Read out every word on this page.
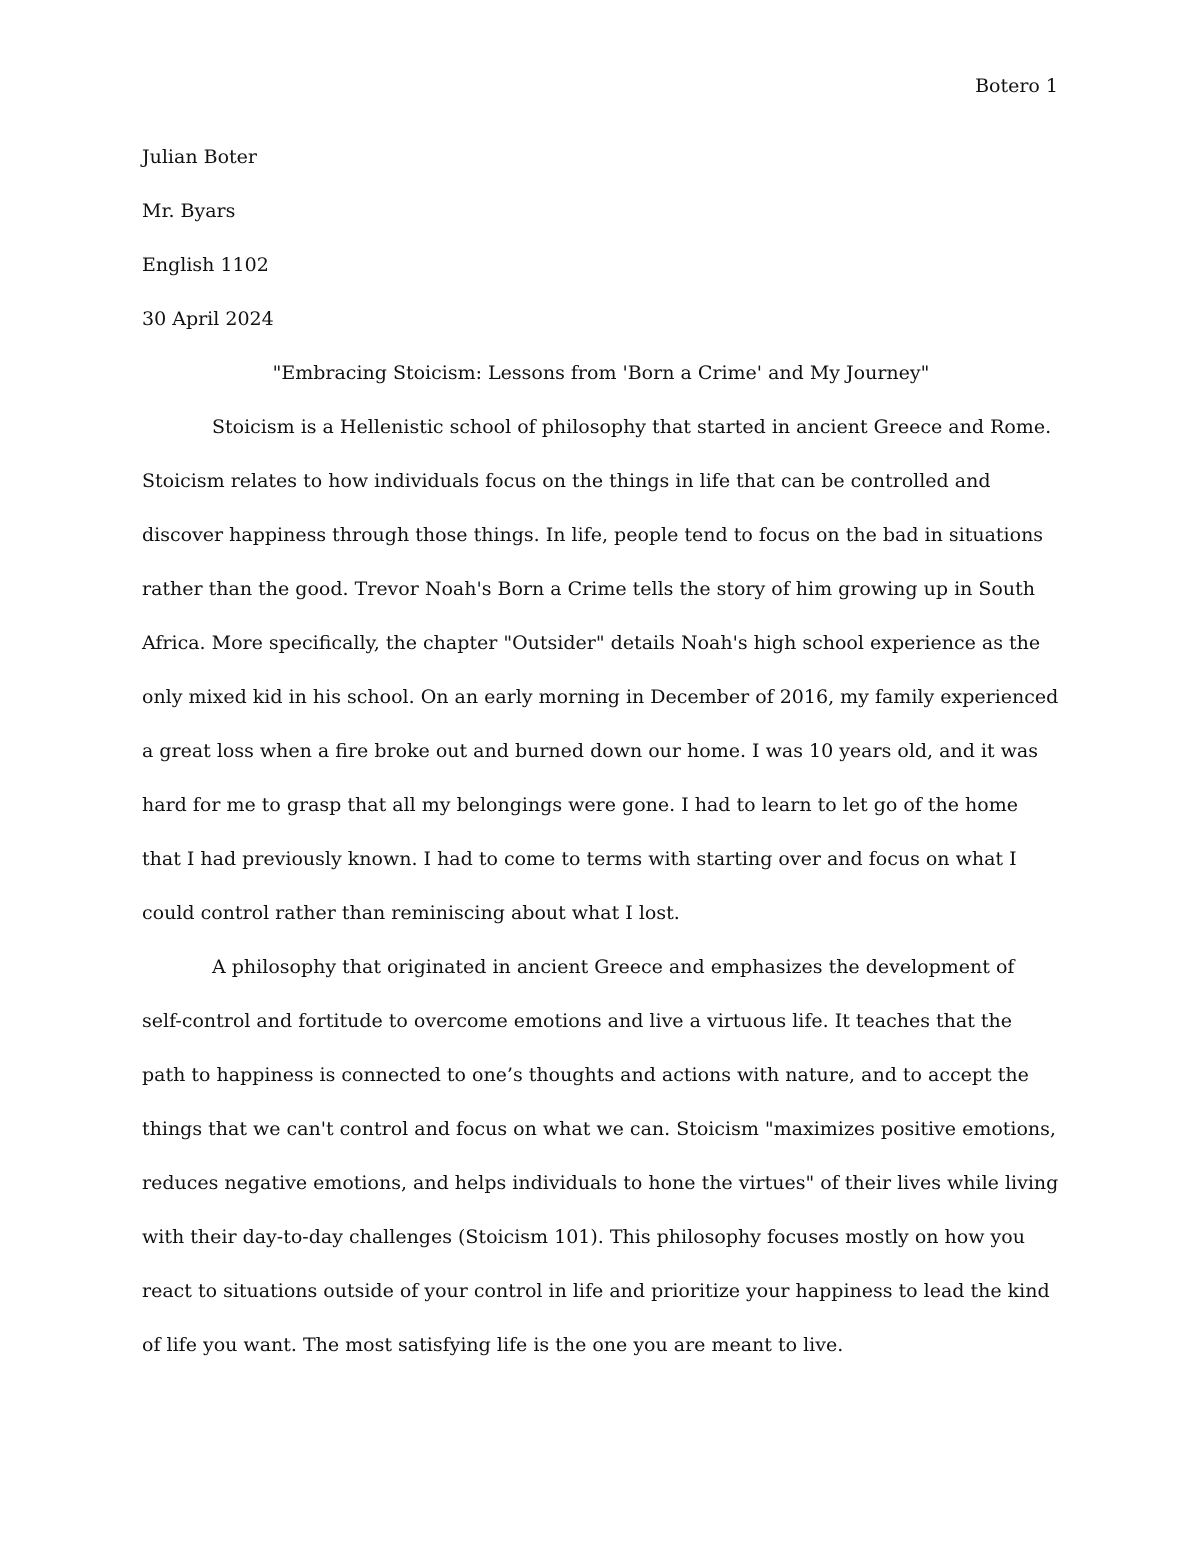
Botero 1

Julian Boter

Mr. Byars

English 1102

30 April 2024

"Embracing Stoicism: Lessons from 'Born a Crime' and My Journey"

Stoicism is a Hellenistic school of philosophy that started in ancient Greece and Rome. Stoicism relates to how individuals focus on the things in life that can be controlled and discover happiness through those things. In life, people tend to focus on the bad in situations rather than the good. Trevor Noah's Born a Crime tells the story of him growing up in South Africa. More specifically, the chapter "Outsider" details Noah's high school experience as the only mixed kid in his school. On an early morning in December of 2016, my family experienced a great loss when a fire broke out and burned down our home. I was 10 years old, and it was hard for me to grasp that all my belongings were gone. I had to learn to let go of the home that I had previously known. I had to come to terms with starting over and focus on what I could control rather than reminiscing about what I lost.

A philosophy that originated in ancient Greece and emphasizes the development of self-control and fortitude to overcome emotions and live a virtuous life. It teaches that the path to happiness is connected to one’s thoughts and actions with nature, and to accept the things that we can't control and focus on what we can. Stoicism "maximizes positive emotions, reduces negative emotions, and helps individuals to hone the virtues" of their lives while living with their day-to-day challenges (Stoicism 101). This philosophy focuses mostly on how you react to situations outside of your control in life and prioritize your happiness to lead the kind of life you want. The most satisfying life is the one you are meant to live.
